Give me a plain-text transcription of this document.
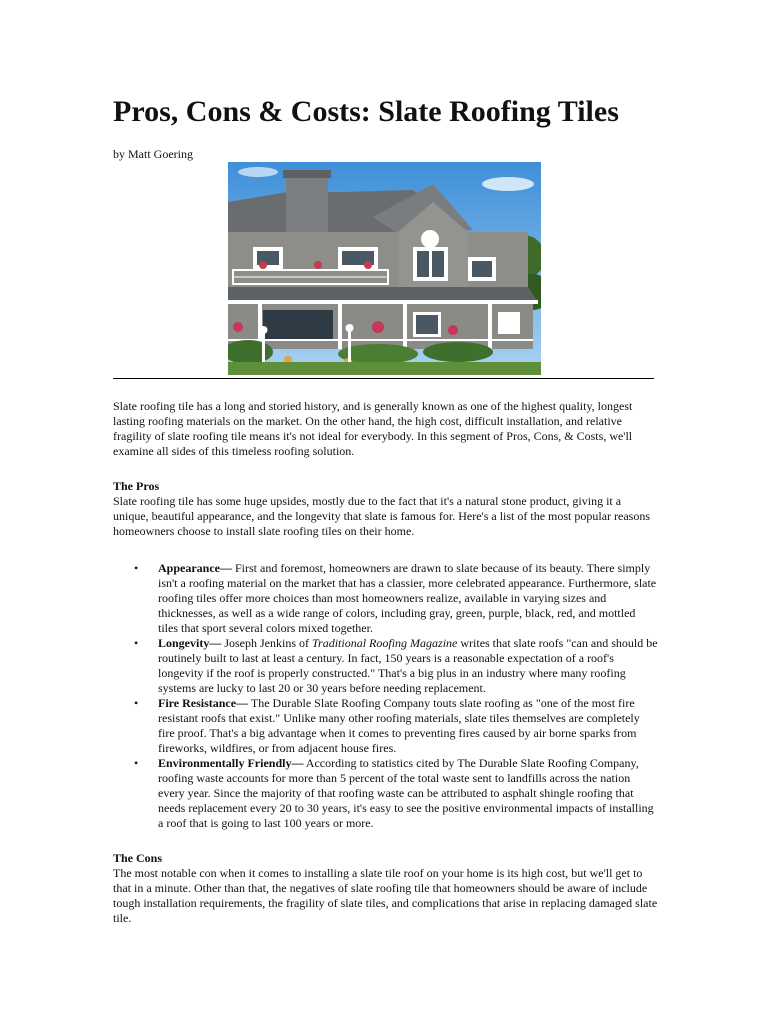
Pros, Cons & Costs: Slate Roofing Tiles
by Matt Goering

Slate roofing tile has a long and storied history, and is generally known as one of the highest quality, longest lasting roofing materials on the market. On the other hand, the high cost, difficult installation, and relative fragility of slate roofing tile means it's not ideal for everybody. In this segment of Pros, Cons, & Costs, we'll examine all sides of this timeless roofing solution.

The Pros

Slate roofing tile has some huge upsides, mostly due to the fact that it's a natural stone product, giving it a unique, beautiful appearance, and the longevity that slate is famous for. Here's a list of the most popular reasons homeowners choose to install slate roofing tiles on their home.

• Appearance— First and foremost, homeowners are drawn to slate because of its beauty. There simply isn't a roofing material on the market that has a classier, more celebrated appearance. Furthermore, slate roofing tiles offer more choices than most homeowners realize, available in varying sizes and thicknesses, as well as a wide range of colors, including gray, green, purple, black, red, and mottled tiles that sport several colors mixed together.
• Longevity— Joseph Jenkins of Traditional Roofing Magazine writes that slate roofs "can and should be routinely built to last at least a century. In fact, 150 years is a reasonable expectation of a roof's longevity if the roof is properly constructed." That's a big plus in an industry where many roofing systems are lucky to last 20 or 30 years before needing replacement.
• Fire Resistance— The Durable Slate Roofing Company touts slate roofing as "one of the most fire resistant roofs that exist." Unlike many other roofing materials, slate tiles themselves are completely fire proof. That's a big advantage when it comes to preventing fires caused by air borne sparks from fireworks, wildfires, or from adjacent house fires.
• Environmentally Friendly— According to statistics cited by The Durable Slate Roofing Company, roofing waste accounts for more than 5 percent of the total waste sent to landfills across the nation every year. Since the majority of that roofing waste can be attributed to asphalt shingle roofing that needs replacement every 20 to 30 years, it's easy to see the positive environmental impacts of installing a roof that is going to last 100 years or more.

The Cons

The most notable con when it comes to installing a slate tile roof on your home is its high cost, but we'll get to that in a minute. Other than that, the negatives of slate roofing tile that homeowners should be aware of include tough installation requirements, the fragility of slate tiles, and complications that arise in replacing damaged slate tile.
